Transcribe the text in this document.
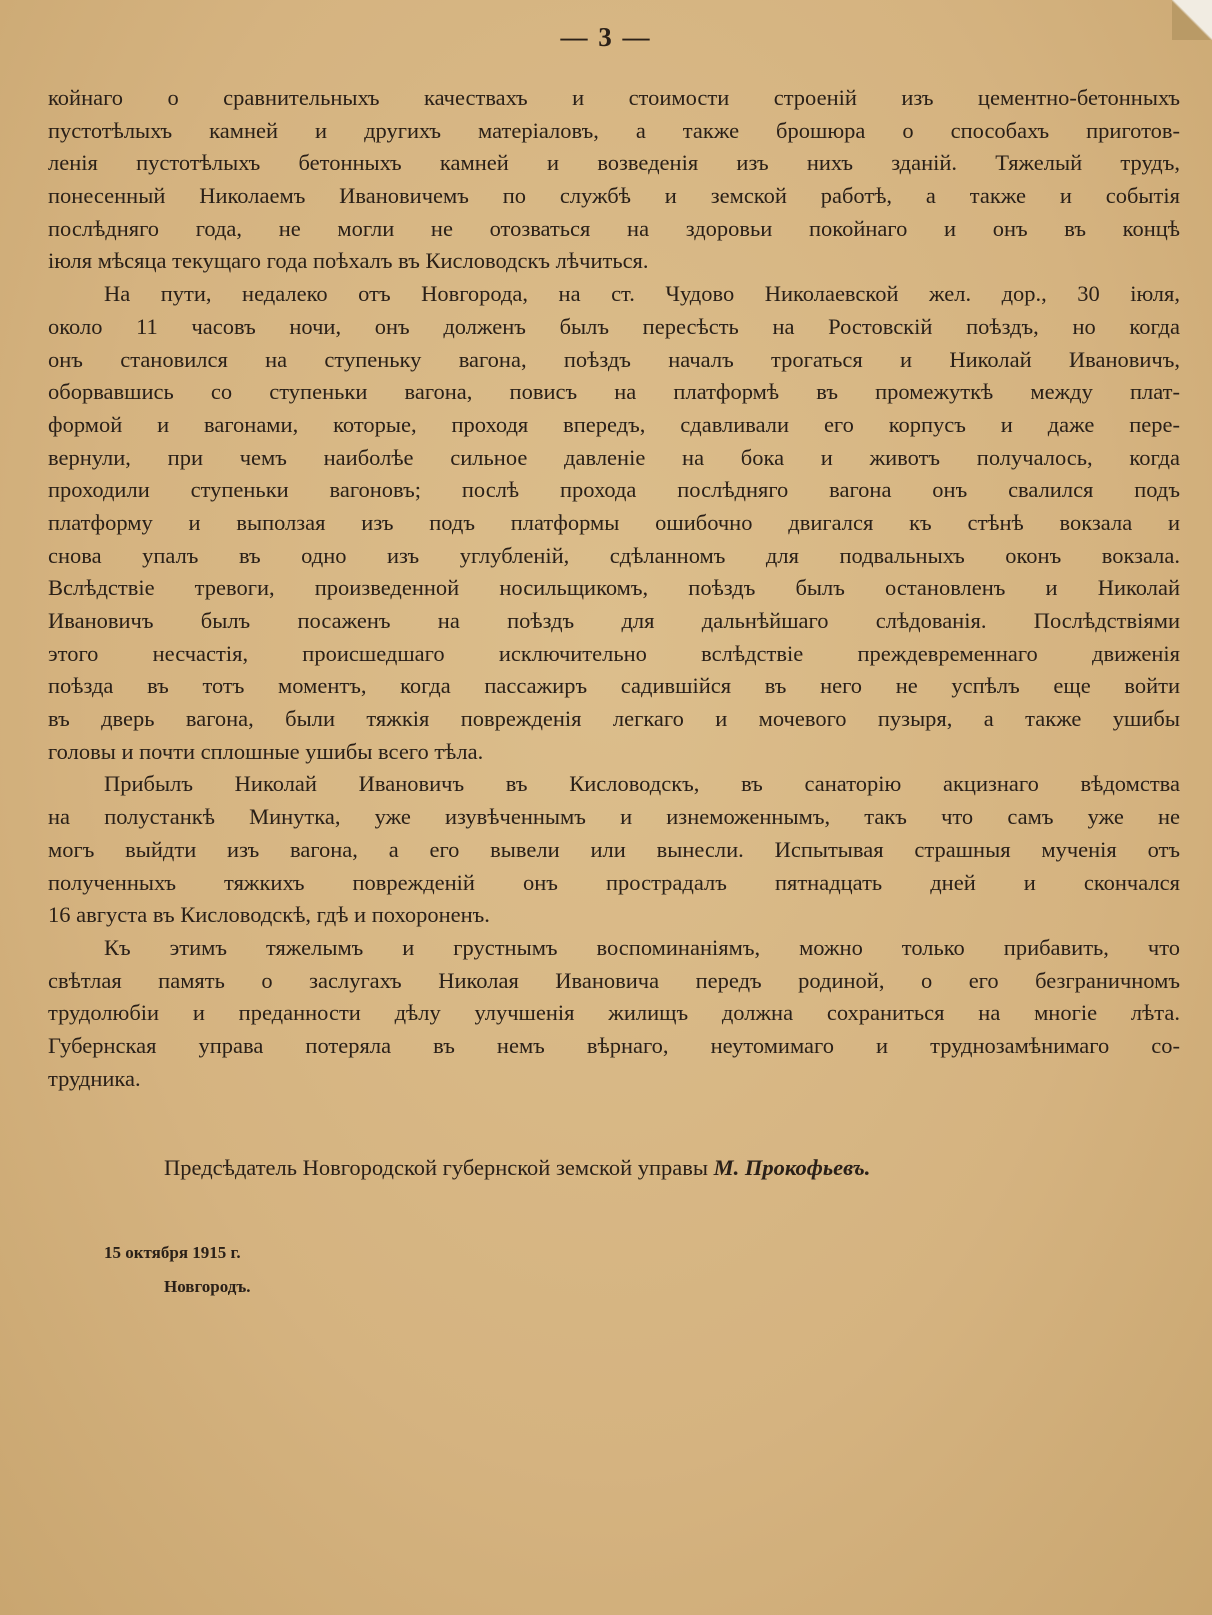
— 3 —
койнаго о сравнительныхъ качествахъ и стоимости строеній изъ цементно-бетонныхъ
пустотѣлыхъ камней и другихъ матеріаловъ, а также брошюра о способахъ приготов-
ленія пустотѣлыхъ бетонныхъ камней и возведенія изъ нихъ зданій. Тяжелый трудъ,
понесенный Николаемъ Ивановичемъ по службѣ и земской работѣ, а также и событія
послѣдняго года, не могли не отозваться на здоровьи покойнаго и онъ въ концѣ
іюля мѣсяца текущаго года поѣхалъ въ Кисловодскъ лѣчиться.
На пути, недалеко отъ Новгорода, на ст. Чудово Николаевской жел. дор., 30 іюля,
около 11 часовъ ночи, онъ долженъ былъ пересѣсть на Ростовскій поѣздъ, но когда
онъ становился на ступеньку вагона, поѣздъ началъ трогаться и Николай Ивановичъ,
оборвавшись со ступеньки вагона, повисъ на платформѣ въ промежуткѣ между плат-
формой и вагонами, которые, проходя впередъ, сдавливали его корпусъ и даже пере-
вернули, при чемъ наиболѣе сильное давленіе на бока и животъ получалось, когда
проходили ступеньки вагоновъ; послѣ прохода послѣдняго вагона онъ свалился подъ
платформу и выползая изъ подъ платформы ошибочно двигался къ стѣнѣ вокзала и
снова упалъ въ одно изъ углубленій, сдѣланномъ для подвальныхъ оконъ вокзала.
Вслѣдствіе тревоги, произведенной носильщикомъ, поѣздъ былъ остановленъ и Николай
Ивановичъ былъ посаженъ на поѣздъ для дальнѣйшаго слѣдованія. Послѣдствіями
этого несчастія, происшедшаго исключительно вслѣдствіе преждевременнаго движенія
поѣзда въ тотъ моментъ, когда пассажиръ садившійся въ него не успѣлъ еще войти
въ дверь вагона, были тяжкія поврежденія легкаго и мочевого пузыря, а также ушибы
головы и почти сплошные ушибы всего тѣла.
Прибылъ Николай Ивановичъ въ Кисловодскъ, въ санаторію акцизнаго вѣдомства
на полустанкѣ Минутка, уже изувѣченнымъ и изнеможеннымъ, такъ что самъ уже не
могъ выйдти изъ вагона, а его вывели или вынесли. Испытывая страшныя мученія отъ
полученныхъ тяжкихъ поврежденій онъ прострадалъ пятнадцать дней и скончался
16 августа въ Кисловодскѣ, гдѣ и похороненъ.
Къ этимъ тяжелымъ и грустнымъ воспоминаніямъ, можно только прибавить, что
свѣтлая память о заслугахъ Николая Ивановича передъ родиной, о его безграничномъ
трудолюбіи и преданности дѣлу улучшенія жилищъ должна сохраниться на многіе лѣта.
Губернская управа потеряла въ немъ вѣрнаго, неутомимаго и труднозамѣнимаго со-
трудника.
Предсѣдатель Новгородской губернской земской управы М. Прокофьевъ.
15 октября 1915 г.
Новгородъ.
